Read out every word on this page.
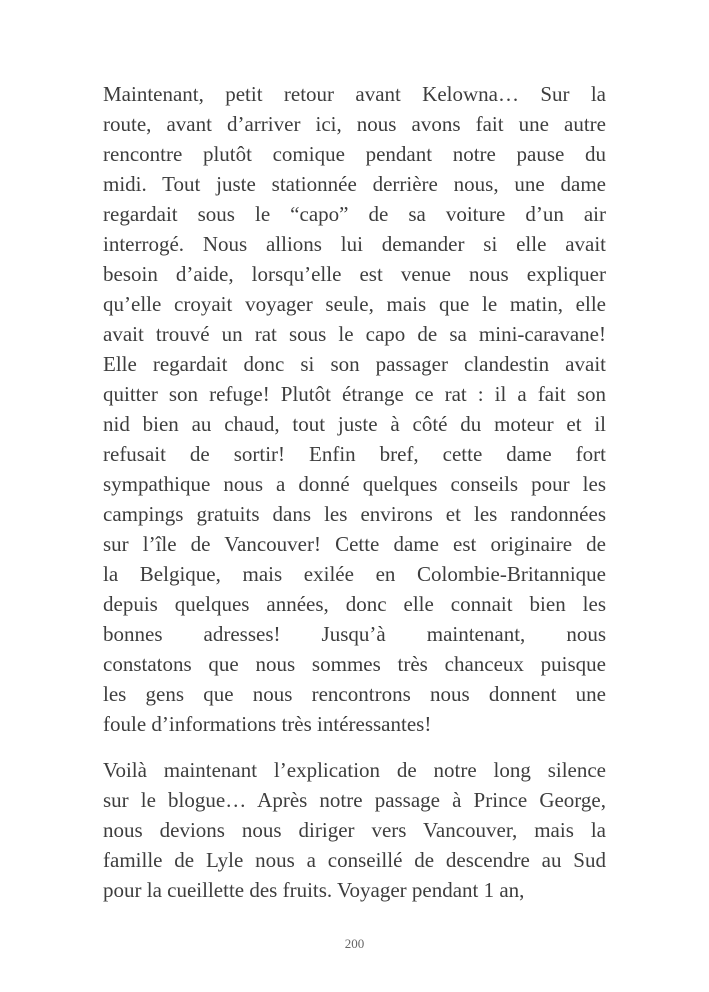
Maintenant, petit retour avant Kelowna… Sur la
route, avant d’arriver ici, nous avons fait une autre
rencontre plutôt comique pendant notre pause du
midi. Tout juste stationnée derrière nous, une dame
regardait sous le “capo” de sa voiture d’un air
interrogé. Nous allions lui demander si elle avait
besoin d’aide, lorsqu’elle est venue nous expliquer
qu’elle croyait voyager seule, mais que le matin, elle
avait trouvé un rat sous le capo de sa mini-caravane!
Elle regardait donc si son passager clandestin avait
quitter son refuge! Plutôt étrange ce rat : il a fait son
nid bien au chaud, tout juste à côté du moteur et il
refusait de sortir! Enfin bref, cette dame fort
sympathique nous a donné quelques conseils pour les
campings gratuits dans les environs et les randonnées
sur l’île de Vancouver! Cette dame est originaire de
la Belgique, mais exilée en Colombie-Britannique
depuis quelques années, donc elle connait bien les
bonnes adresses! Jusqu’à maintenant, nous
constatons que nous sommes très chanceux puisque
les gens que nous rencontrons nous donnent une
foule d’informations très intéressantes!
Voilà maintenant l’explication de notre long silence
sur le blogue… Après notre passage à Prince George,
nous devions nous diriger vers Vancouver, mais la
famille de Lyle nous a conseillé de descendre au Sud
pour la cueillette des fruits. Voyager pendant 1 an,
200
